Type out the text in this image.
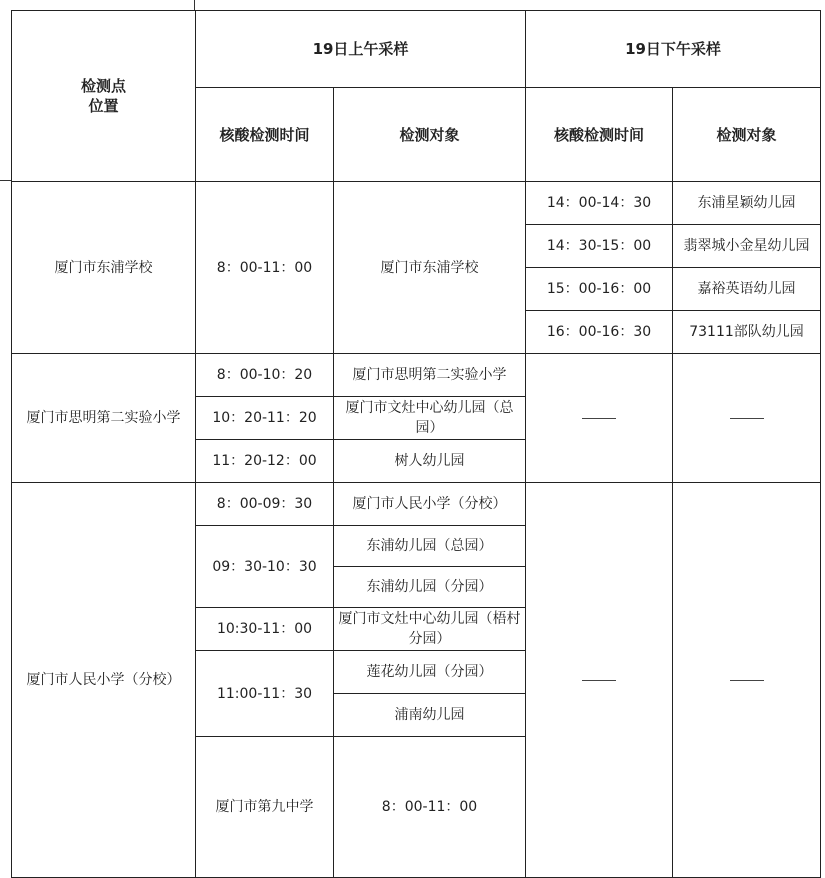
检测点
位置	19日上午采样		19日下午采样		
	核酸检测时间	检测对象	核酸检测时间	检测对象	
厦门市东浦学校	8：00-11：00	厦门市东浦学校	14：00-14：30	东浦星颖幼儿园	
			14：30-15：00	翡翠城小金星幼儿园	
			15：00-16：00	嘉裕英语幼儿园	
			16：00-16：30	73111部队幼儿园	
厦门市思明第二实验小学	8：00-10：20	厦门市思明第二实验小学			
	10：20-11：20	厦门市文灶中心幼儿园（总园）			
	11：20-12：00	树人幼儿园			
厦门市人民小学（分校）	8：00-09：30	厦门市人民小学（分校）			
	09：30-10：30	东浦幼儿园（总园）			
		东浦幼儿园（分园）			
	10:30-11：00	厦门市文灶中心幼儿园（梧村分园）			
	11:00-11：30	莲花幼儿园（分园）			
		浦南幼儿园			
	厦门市第九中学	8：00-11：00			
